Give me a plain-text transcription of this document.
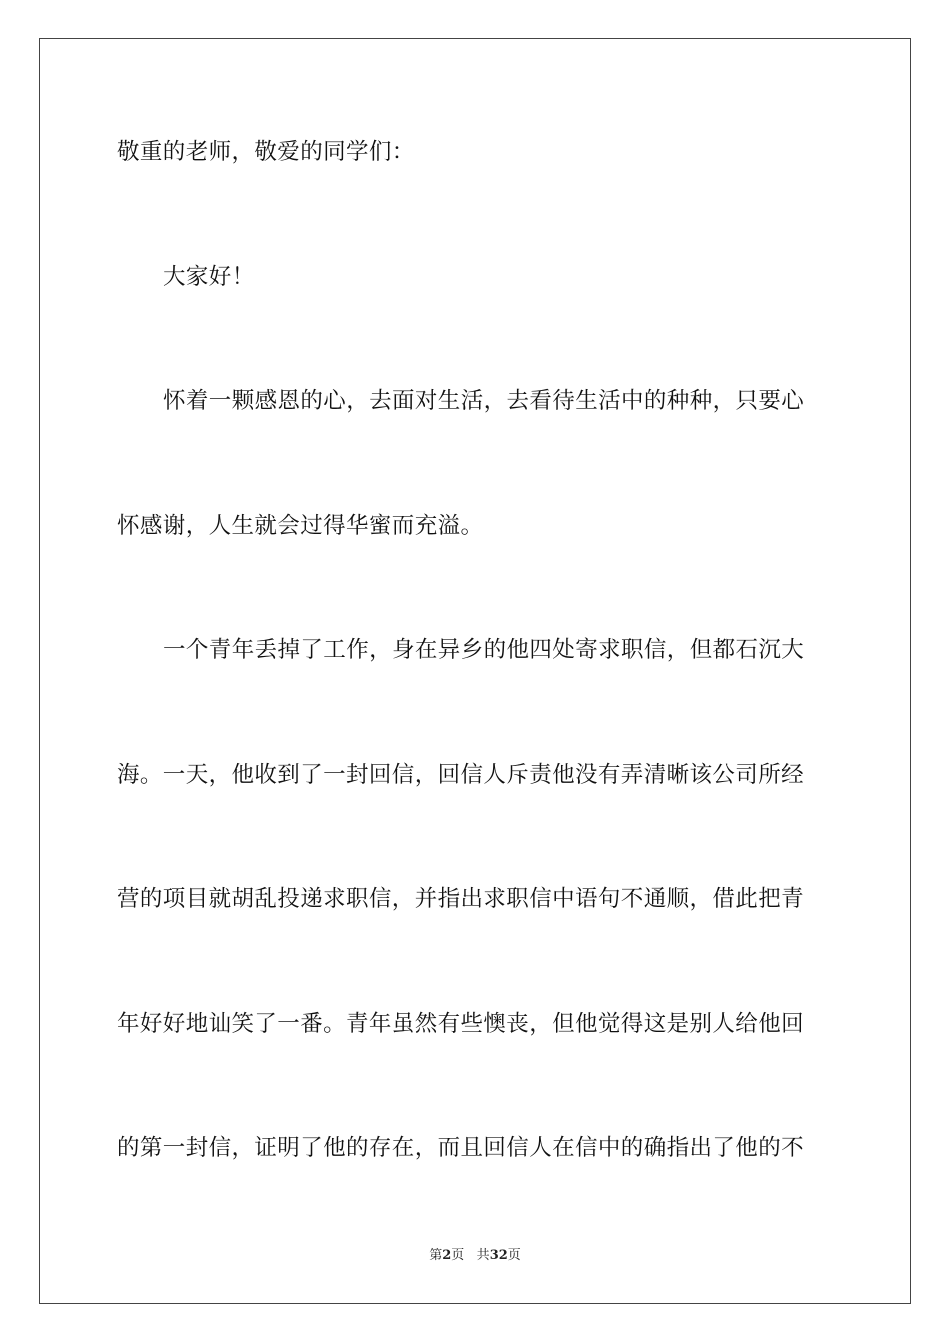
敬重的老师，敬爱的同学们：
大家好！
怀着一颗感恩的心，去面对生活，去看待生活中的种种，只要心
怀感谢，人生就会过得华蜜而充溢。
一个青年丢掉了工作，身在异乡的他四处寄求职信，但都石沉大
海。一天，他收到了一封回信，回信人斥责他没有弄清晰该公司所经
营的项目就胡乱投递求职信，并指出求职信中语句不通顺，借此把青
年好好地讪笑了一番。青年虽然有些懊丧，但他觉得这是别人给他回
的第一封信，证明了他的存在，而且回信人在信中的确指出了他的不
第2页 共32页
